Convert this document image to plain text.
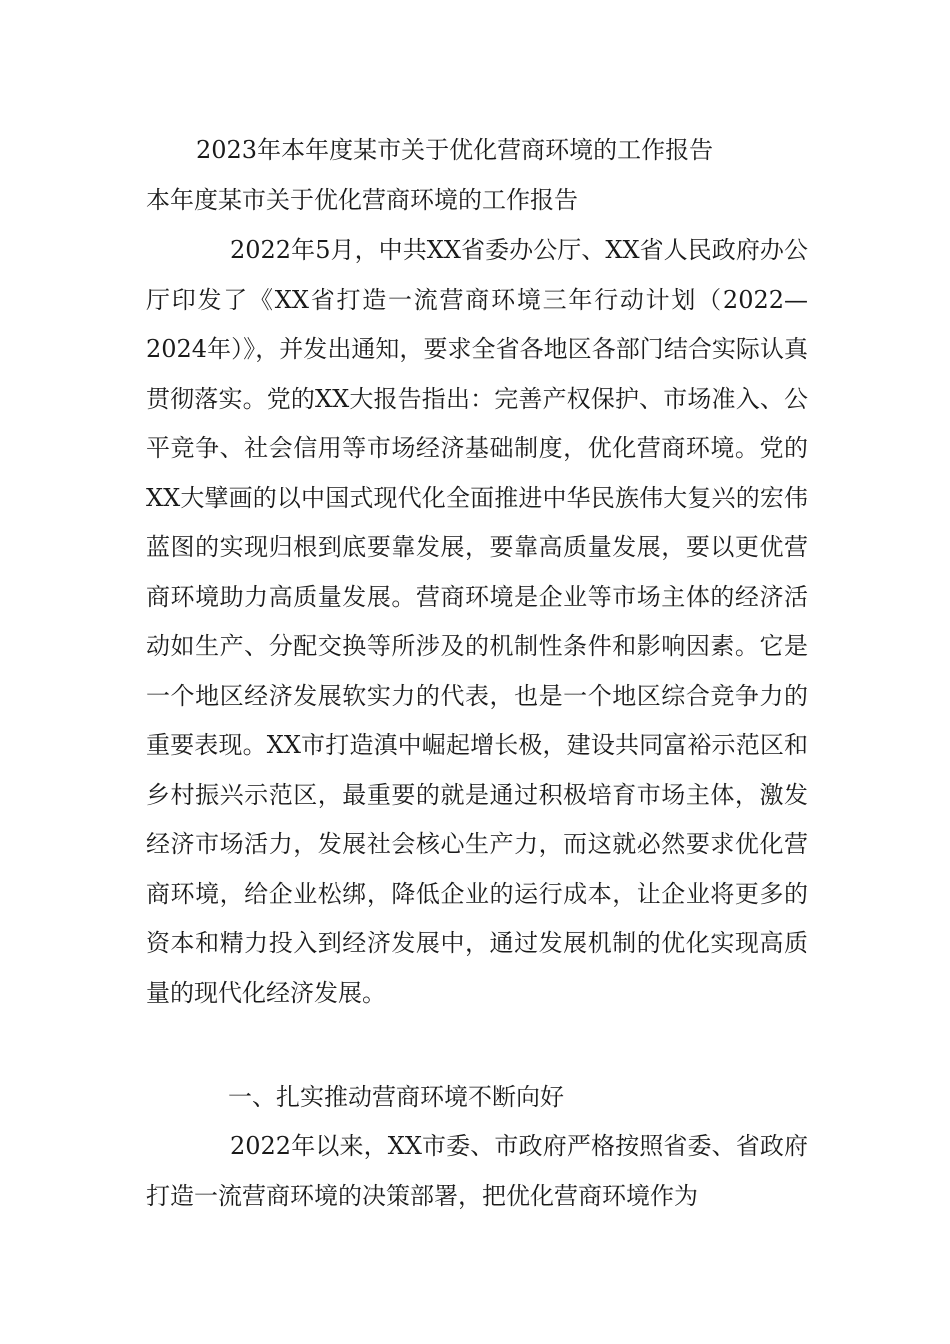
2023年本年度某市关于优化营商环境的工作报告
本年度某市关于优化营商环境的工作报告
2022年5月，中共XX省委办公厅、XX省人民政府办公厅印发了《XX省打造一流营商环境三年行动计划（2022—2024年）》，并发出通知，要求全省各地区各部门结合实际认真贯彻落实。党的XX大报告指出：完善产权保护、市场准入、公平竞争、社会信用等市场经济基础制度，优化营商环境。党的XX大擘画的以中国式现代化全面推进中华民族伟大复兴的宏伟蓝图的实现归根到底要靠发展，要靠高质量发展，要以更优营商环境助力高质量发展。营商环境是企业等市场主体的经济活动如生产、分配交换等所涉及的机制性条件和影响因素。它是一个地区经济发展软实力的代表，也是一个地区综合竞争力的重要表现。XX市打造滇中崛起增长极，建设共同富裕示范区和乡村振兴示范区，最重要的就是通过积极培育市场主体，激发经济市场活力，发展社会核心生产力，而这就必然要求优化营商环境，给企业松绑，降低企业的运行成本，让企业将更多的资本和精力投入到经济发展中，通过发展机制的优化实现高质量的现代化经济发展。
一、扎实推动营商环境不断向好
2022年以来，XX市委、市政府严格按照省委、省政府打造一流营商环境的决策部署，把优化营商环境作为
